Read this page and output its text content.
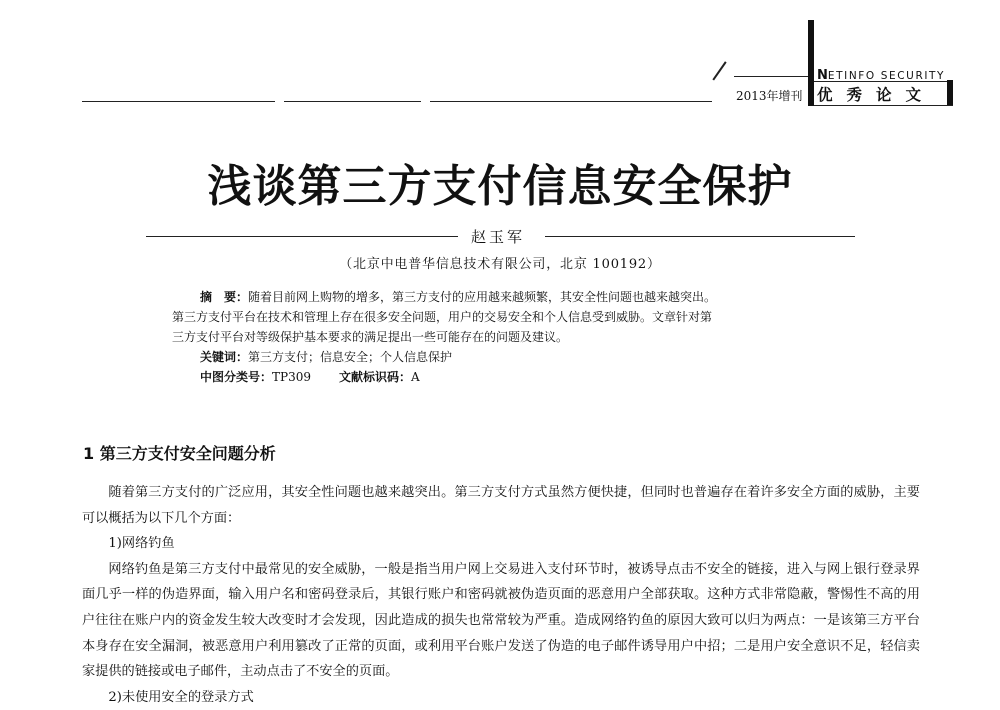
2013年增刊
NETINFO SECURITY
优秀论文
浅谈第三方支付信息安全保护
赵玉军
（北京中电普华信息技术有限公司，北京 100192）

摘　要：随着目前网上购物的增多，第三方支付的应用越来越频繁，其安全性问题也越来越突出。

第三方支付平台在技术和管理上存在很多安全问题，用户的交易安全和个人信息受到威胁。文章针对第

三方支付平台对等级保护基本要求的满足提出一些可能存在的问题及建议。

关键词：第三方支付；信息安全；个人信息保护

中图分类号：TP309 文献标识码：A

1 第三方支付安全问题分析

随着第三方支付的广泛应用，其安全性问题也越来越突出。第三方支付方式虽然方便快捷，但同时也普遍存在着许多安全方面的威胁，主要可以概括为以下几个方面：

1)网络钓鱼

网络钓鱼是第三方支付中最常见的安全威胁，一般是指当用户网上交易进入支付环节时，被诱导点击不安全的链接，进入与网上银行登录界面几乎一样的伪造界面，输入用户名和密码登录后，其银行账户和密码就被伪造页面的恶意用户全部获取。这种方式非常隐蔽，警惕性不高的用户往往在账户内的资金发生较大改变时才会发现，因此造成的损失也常常较为严重。造成网络钓鱼的原因大致可以归为两点：一是该第三方平台本身存在安全漏洞，被恶意用户利用篡改了正常的页面，或利用平台账户发送了伪造的电子邮件诱导用户中招；二是用户安全意识不足，轻信卖家提供的链接或电子邮件，主动点击了不安全的页面。

2)未使用安全的登录方式
